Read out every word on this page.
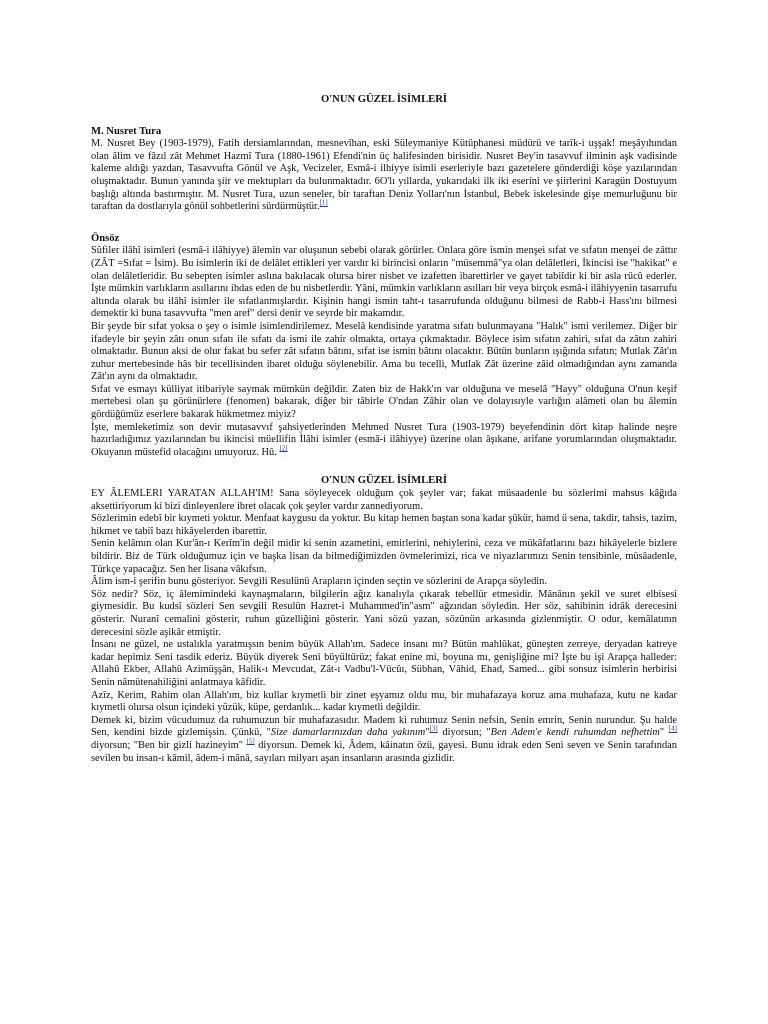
O'NUN GÜZEL İSİMLERİ

M. Nusret Tura

M. Nusret Bey (1903-1979), Fatih dersiamlarından, mesnevîhan, eski Süleymaniye Kütüphanesi müdürü ve tarîk-i uşşak! meşâyıhından olan âlim ve fâzıl zât Mehmet Hazmî Tura (1880-1961) Efendi'nin üç halifesinden birisidir. Nusret Bey'in tasavvuf ilminin aşk vadisinde kaleme aldığı yazdan, Tasavvufta Gönül ve Aşk, Vecizeler, Esmâ-i ilhiyye isimli eserleriyle bazı gazetelere gönderdiği köşe yazılarından oluşmaktadır. Bunun yanında şiir ve mektupları da bulunmaktadır. 6O'lı yıllarda, yukarıdaki ilk iki eserini ve şiirlerini Karagün Dostuyum başlığı altında bastırmıştır. M. Nusret Tura, uzun seneler, bir taraftan Deniz Yolları'nın İstanbul, Bebek iskelesinde gişe memurluğunu bir taraftan da dostlarıyla gönül sohbetlerini sürdürmüştür.[1]

Önsöz

Sûfiler ilâhî isimleri (esmâ-i ilâhiyye) âlemin var oluşunun sebebi olarak görürler. Onlara göre ismin menşei sıfat ve sıfatın menşei de zâttır (ZÂT =Sıfat = İsim). Bu isimlerin iki de delâlet ettikleri yer vardır ki birincisi onların "müsemmâ"ya olan delâletleri, İkincisi ise "hakikat" e olan delâletleridir. Bu sebepten isimler aslına bakılacak olursa birer nisbet ve izafetten ibarettirler ve gayet tabiîdir ki bir asla rücû ederler. İşte mümkin varlıkların asıllarını ihdas eden de bu nisbetlerdir. Yâni, mümkin varlıkların asılları bir veya birçok esmâ-i ilâhiyyenin tasarrufu altında olarak bu ilâhî isimler ile sıfatlanmışlardır. Kişinin hangi ismin taht-ı tasarrufunda olduğunu bilmesi de Rabb-i Hass'ını bilmesi demektir ki buna tasavvufta "men aref" dersi denir ve seyrde bir makamdır.

Bir şeyde bir sıfat yoksa o şey o isimle isimlendirilemez. Meselâ kendisinde yaratma sıfatı bulunmayana "Halık" ismi verilemez. Diğer bir ifadeyle bir şeyin zâtı onun sıfatı ile sıfatı da ismi ile zahir olmakta, ortaya çıkmaktadır. Böylece isim sıfatın zahiri, sıfat da zâtın zahiri olmaktadır. Bunun aksi de olur fakat bu sefer zât sıfatın bâtını, sıfat ise ismin bâtını olacaktır. Bütün bunların ışığında sıfatın; Mutlak Zât'ın zuhur mertebesinde hâs bir tecellisinden ibaret olduğu söylenebilir. Ama bu tecelli, Mutlak Zât üzerine zâid olmadığından aynı zamanda Zât'ın aynı da olmaktadır.

Sıfat ve esmayı külliyat itibariyle saymak mümkün değildir. Zaten biz de Hakk'ın var olduğuna ve meselâ "Hayy" olduğuna O'nun keşif mertebesi olan şu görünürlere (fenomen) bakarak, diğer bir tâbirle O'ndan Zâhir olan ve dolayısıyle varlığın alâmeti olan bu âlemin gördüğümüz eserlere bakarak hükmetmez miyiz?

İşte, memleketimiz son devir mutasavvıf şahsiyetlerinden Mehmed Nusret Tura (1903-1979) beyefendinin dört kitap halinde neşre hazırladığımız yazılarından bu ikincisi müellifin İlâhi isimler (esmâ-i ilâhiyye) üzerine olan âşıkane, arifane yorumlarından oluşmaktadır. Okuyanın müstefid olacağını umuyoruz. Hû. [2]

O'NUN GÜZEL İSİMLERİ

EY ÂLEMLERI YARATAN ALLAH'IM! Sana söyleyecek olduğum çok şeyler var; fakat müsaadenle bu sözlerimi mahsus kâğıda aksettiriyorum ki bizi dinleyenlere ibret olacak çok şeyler vardır zannediyorum.

Sözlerimin edebî bir kıymeti yoktur. Menfaat kaygusu da yoktur. Bu kitap hemen baştan sona kadar şükür, hamd ü sena, takdir, tahsis, tazim, hikmet ve tabiî bazı hikâyelerden ibarettir.

Senin kelâmın olan Kur'ân-ı Kerîm'in değil midir ki senin azametini, emirlerini, nehiylerini, ceza ve mükâfatlarını bazı hikâyelerle bizlere bildirir. Biz de Türk olduğumuz için ve başka lisan da bilmediğimizden övmelerimizi, rica ve niyazlarımızı Senin tensibinle, müsâadenle, Türkçe yapacağız. Sen her lisana vâkıfsın.

Âlim ism-i şerifin bunu gösteriyor. Sevgili Resulünü Arapların içinden seçtin ve sözlerini de Arapça söyledin.

Söz nedir? Söz, iç âlemimindeki kaynaşmaların, bilgilerin ağız kanalıyla çıkarak tebellür etmesidir. Mânânın şekil ve suret elbisesi giymesidir. Bu kudsî sözleri Sen sevgili Resulün Hazret-i Muhammed'in"asm" ağzından söyledin. Her söz, sahibinin idrâk derecesini gösterir. Nuranî cemalini gösterir, ruhun güzelliğini gösterir. Yani sözü yazan, sözünün arkasında gizlenmiştir. O odur, kemâlatının derecesini sözle aşikâr etmiştir.

İnsanı ne güzel, ne ustalıkla yaratmışsın benim büyük Allah'ım. Sadece insanı mı? Bütün mahlûkat, güneşten zerreye, deryadan katreye kadar hepimiz Seni tasdik ederiz. Büyük diyerek Seni büyültürüz; fakat enine mi, boyuna mı, genişliğine mi? İşte bu işi Arapça halleder: Allahû Ekber, Allahû Azimüşşân, Halik-ı Mevcudat, Zât-ı Vadbu'l-Vücûı, Sübhan, Vâhid, Ehad, Samed... gibi sonsuz isimlerin herbirisi Senin nâmütenahiliğini anlatmaya kâfidir.

Azîz, Kerim, Rahim olan Allah'ım, biz kullar kıymetli bir zinet eşyamız oldu mu, bir muhafazaya koruz ama muhafaza, kutu ne kadar kıymetli olursa olsun içindeki yüzük, küpe, gerdanlık... kadar kıymetli değildir.

Demek ki, bizim vücudumuz da ruhumuzun bir muhafazasıdır. Madem ki ruhumuz Senin nefsin, Senin emrin, Senin nurundur. Şu halde Sen, kendini bizde gizlemişsin. Çünkü, "Size damarlarınızdan daha yakınım"[3] diyorsun; "Ben Adem'e kendi ruhumdan nefhettim" [4] diyorsun; "Ben bir gizli hazineyim" [5] diyorsun. Demek ki, Âdem, kâinatın özü, gayesi. Bunu idrak eden Seni seven ve Senin tarafından sevilen bu insan-ı kâmil, âdem-i mânâ, sayıları milyarı aşan insanların arasında gizlidir.
